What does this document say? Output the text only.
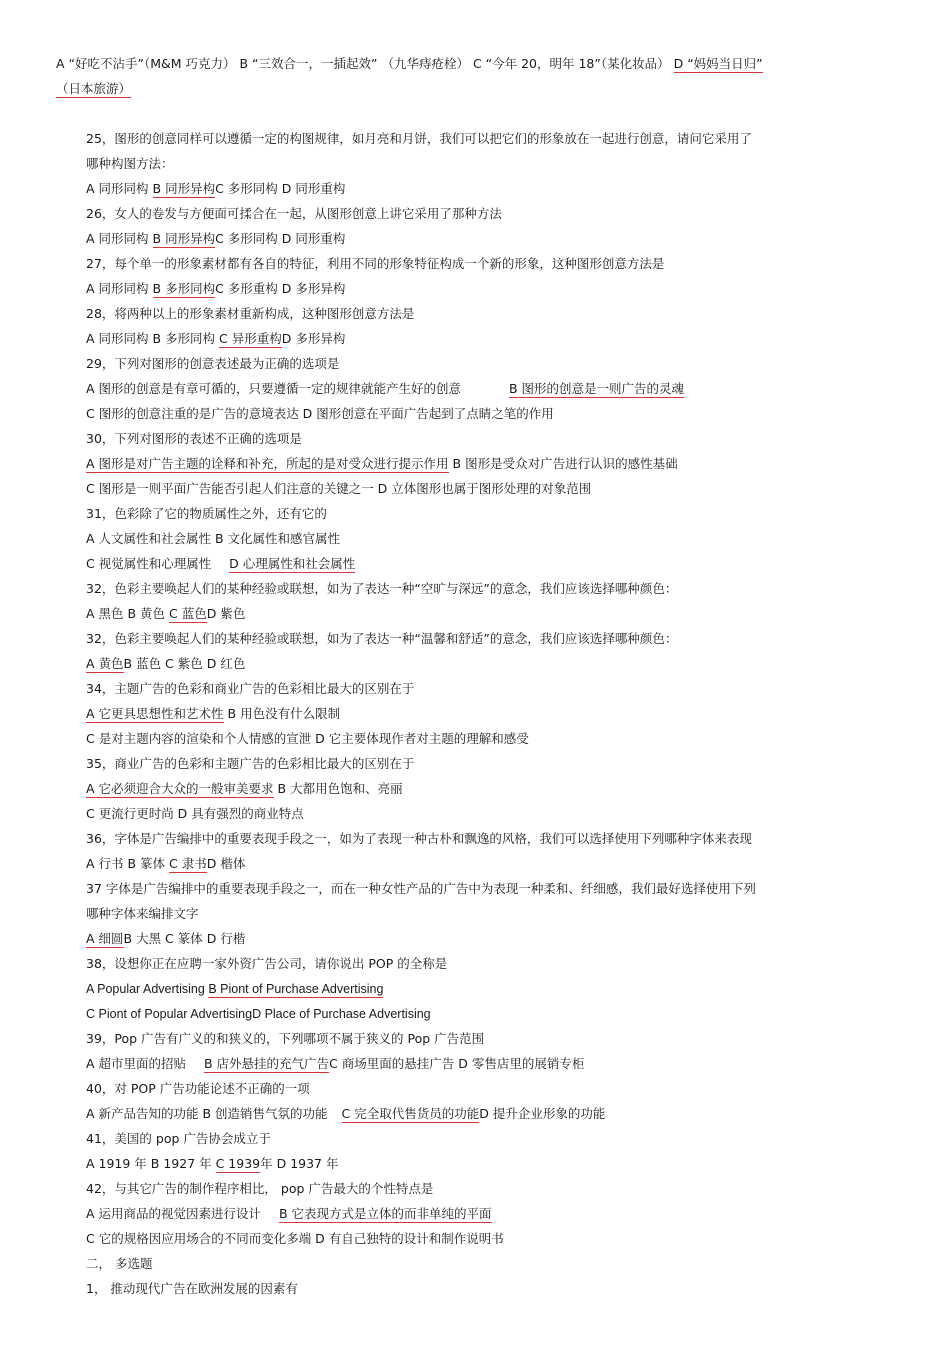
A “好吃不沾手”（M&M 巧克力） B “三效合一，一插起效” （九华痔疮栓） C “今年 20，明年 18”（某化妆品） D “妈妈当日归”
（日本旅游）
25，图形的创意同样可以遵循一定的构图规律，如月亮和月饼，我们可以把它们的形象放在一起进行创意，请问它采用了
哪种构图方法：
A 同形同构 B 同形异构C 多形同构 D 同形重构
26，女人的卷发与方便面可揉合在一起，从图形创意上讲它采用了那种方法
A 同形同构 B 同形异构C 多形同构 D 同形重构
27，每个单一的形象素材都有各自的特征，利用不同的形象特征构成一个新的形象，这种图形创意方法是
A 同形同构 B 多形同构C 多形重构 D 多形异构
28，将两种以上的形象素材重新构成，这种图形创意方法是
A 同形同构 B 多形同构 C 异形重构D 多形异构
29，下列对图形的创意表述最为正确的选项是
A 图形的创意是有章可循的，只要遵循一定的规律就能产生好的创意	B 图形的创意是一则广告的灵魂
C 图形的创意注重的是广告的意境表达 D 图形创意在平面广告起到了点睛之笔的作用
30，下列对图形的表述不正确的选项是
A 图形是对广告主题的诠释和补充，所起的是对受众进行提示作用 B 图形是受众对广告进行认识的感性基础
C 图形是一则平面广告能否引起人们注意的关键之一 D 立体图形也属于图形处理的对象范围
31，色彩除了它的物质属性之外，还有它的
A 人文属性和社会属性 B 文化属性和感官属性
C 视觉属性和心理属性 D 心理属性和社会属性
32，色彩主要唤起人们的某种经验或联想，如为了表达一种“空旷与深远”的意念，我们应该选择哪种颜色：
A 黑色 B 黄色 C 蓝色D 紫色
32，色彩主要唤起人们的某种经验或联想，如为了表达一种“温馨和舒适”的意念，我们应该选择哪种颜色：
A 黄色B 蓝色 C 紫色 D 红色
34，主题广告的色彩和商业广告的色彩相比最大的区别在于
A 它更具思想性和艺术性 B 用色没有什么限制
C 是对主题内容的渲染和个人情感的宣泄 D 它主要体现作者对主题的理解和感受
35，商业广告的色彩和主题广告的色彩相比最大的区别在于
A 它必须迎合大众的一般审美要求 B 大都用色饱和、亮丽
C 更流行更时尚 D 具有强烈的商业特点
36，字体是广告编排中的重要表现手段之一，如为了表现一种古朴和飘逸的风格，我们可以选择使用下列哪种字体来表现
A 行书 B 篆体 C 隶书D 楷体
37 字体是广告编排中的重要表现手段之一，而在一种女性产品的广告中为表现一种柔和、纤细感，我们最好选择使用下列
哪种字体来编排文字
A 细圆B 大黑 C 篆体 D 行楷
38，设想你正在应聘一家外资广告公司，请你说出 POP 的全称是
A Popular Advertising B Piont of Purchase Advertising
C Piont of Popular AdvertisingD Place of Purchase Advertising
39，Pop 广告有广义的和狭义的，下列哪项不属于狭义的 Pop 广告范围
A 超市里面的招贴 B 店外悬挂的充气广告C 商场里面的悬挂广告 D 零售店里的展销专柜
40，对 POP 广告功能论述不正确的一项
A 新产品告知的功能 B 创造销售气氛的功能 C 完全取代售货员的功能D 提升企业形象的功能
41，美国的 pop 广告协会成立于
A 1919 年 B 1927 年 C 1939年 D 1937 年
42，与其它广告的制作程序相比， pop 广告最大的个性特点是
A 运用商品的视觉因素进行设计 B 它表现方式是立体的而非单纯的平面
C 它的规格因应用场合的不同而变化多端 D 有自己独特的设计和制作说明书
二， 多选题
1， 推动现代广告在欧洲发展的因素有
